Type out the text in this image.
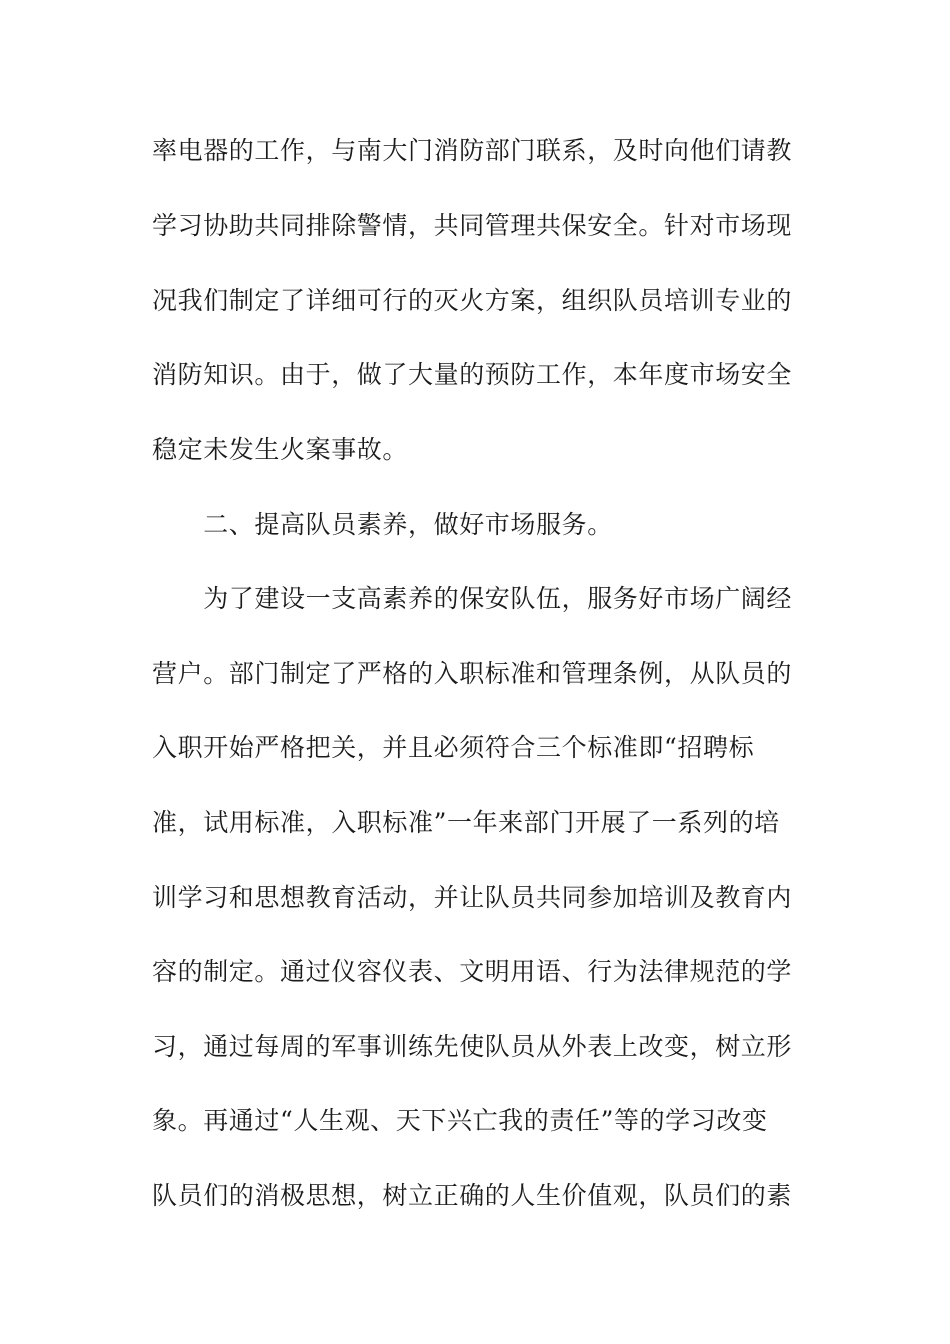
率电器的工作，与南大门消防部门联系，及时向他们请教
学习协助共同排除警情，共同管理共保安全。针对市场现
况我们制定了详细可行的灭火方案，组织队员培训专业的
消防知识。由于，做了大量的预防工作，本年度市场安全
稳定未发生火案事故。
　　二、提高队员素养，做好市场服务。
　　为了建设一支高素养的保安队伍，服务好市场广阔经
营户。部门制定了严格的入职标准和管理条例，从队员的
入职开始严格把关，并且必须符合三个标准即“招聘标
准，试用标准，入职标准”一年来部门开展了一系列的培
训学习和思想教育活动，并让队员共同参加培训及教育内
容的制定。通过仪容仪表、文明用语、行为法律规范的学
习，通过每周的军事训练先使队员从外表上改变，树立形
象。再通过“人生观、天下兴亡我的责任”等的学习改变
队员们的消极思想，树立正确的人生价值观，队员们的素
